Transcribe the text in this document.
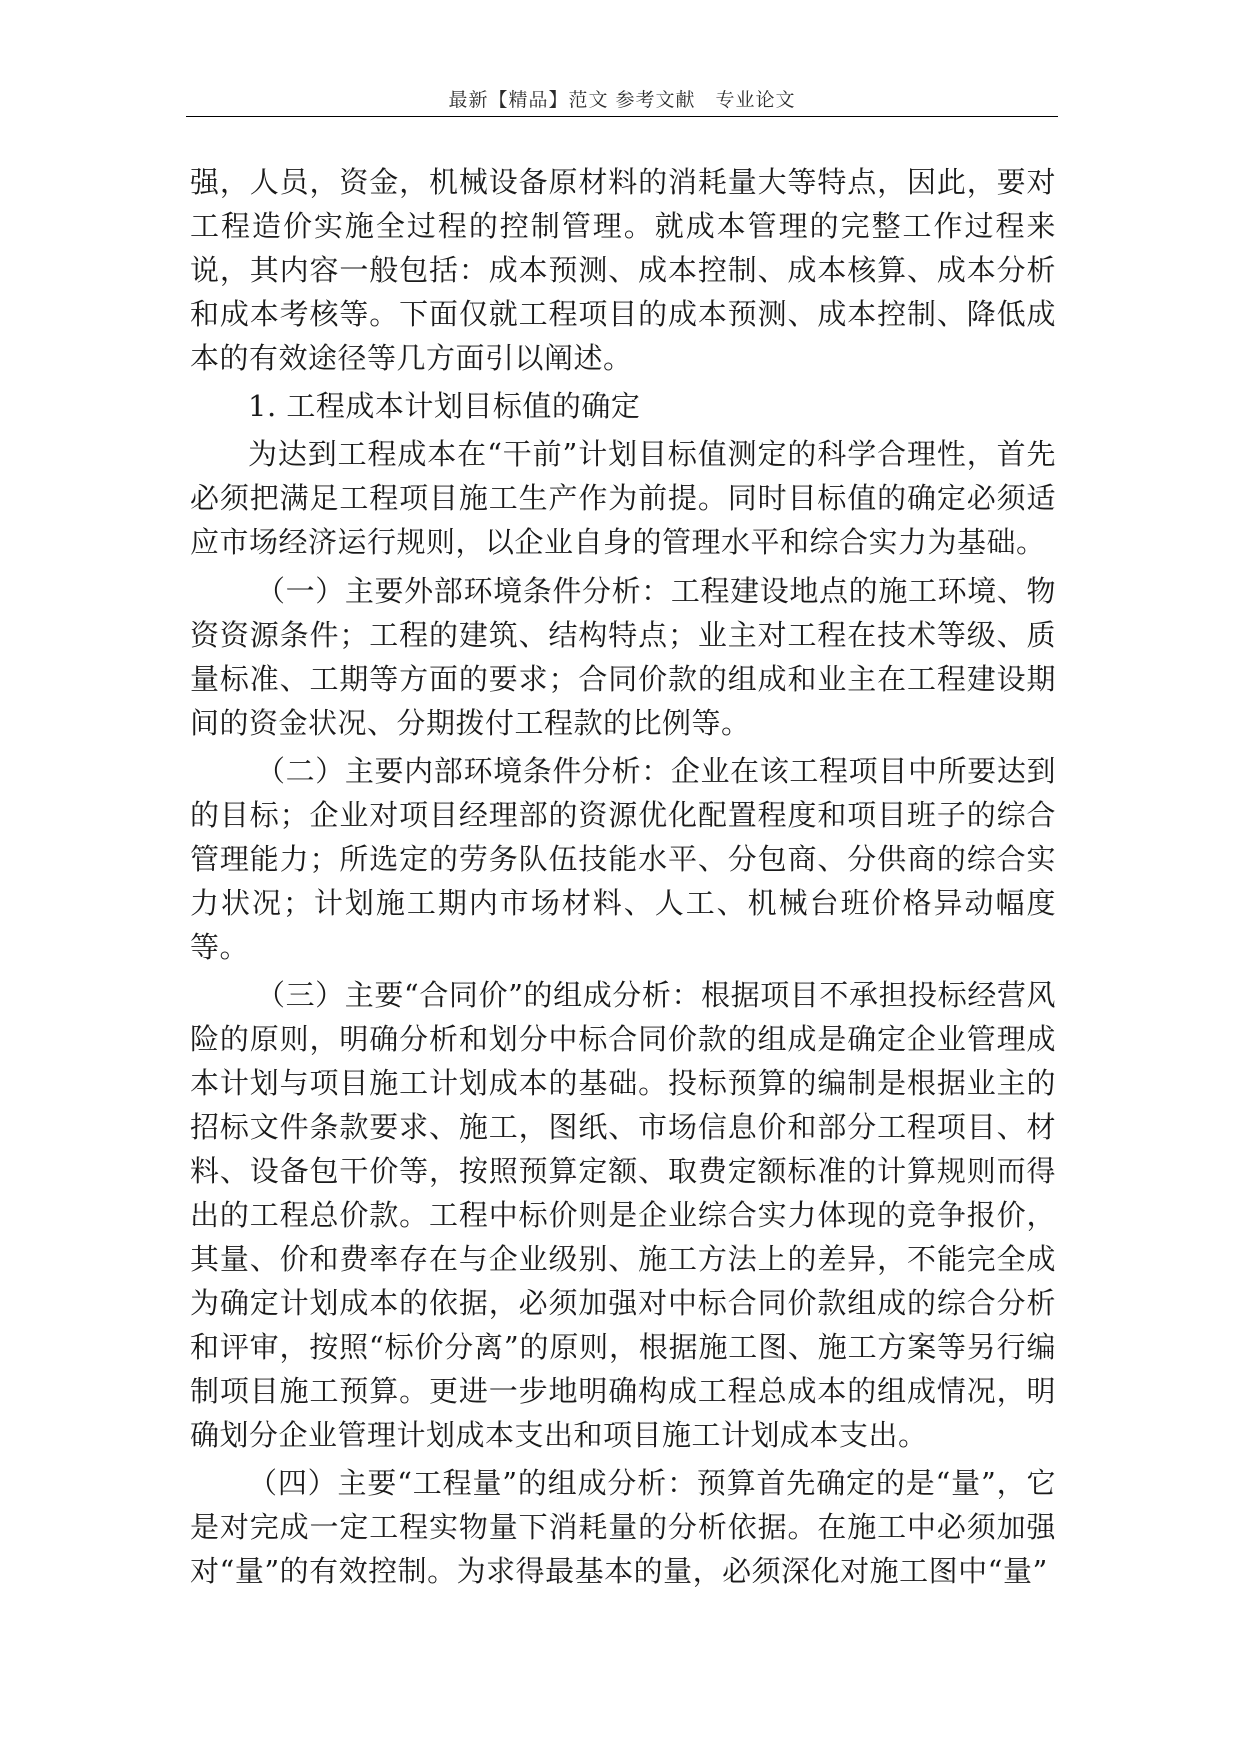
最新【精品】范文 参考文献　专业论文

强，人员，资金，机械设备原材料的消耗量大等特点，因此，要对工程造价实施全过程的控制管理。就成本管理的完整工作过程来说，其内容一般包括：成本预测、成本控制、成本核算、成本分析和成本考核等。下面仅就工程项目的成本预测、成本控制、降低成本的有效途径等几方面引以阐述。

1. 工程成本计划目标值的确定

为达到工程成本在“干前”计划目标值测定的科学合理性，首先必须把满足工程项目施工生产作为前提。同时目标值的确定必须适应市场经济运行规则，以企业自身的管理水平和综合实力为基础。

（一）主要外部环境条件分析：工程建设地点的施工环境、物资资源条件；工程的建筑、结构特点；业主对工程在技术等级、质量标准、工期等方面的要求；合同价款的组成和业主在工程建设期间的资金状况、分期拨付工程款的比例等。

（二）主要内部环境条件分析：企业在该工程项目中所要达到的目标；企业对项目经理部的资源优化配置程度和项目班子的综合管理能力；所选定的劳务队伍技能水平、分包商、分供商的综合实力状况；计划施工期内市场材料、人工、机械台班价格异动幅度等。

（三）主要“合同价”的组成分析：根据项目不承担投标经营风险的原则，明确分析和划分中标合同价款的组成是确定企业管理成本计划与项目施工计划成本的基础。投标预算的编制是根据业主的招标文件条款要求、施工，图纸、市场信息价和部分工程项目、材料、设备包干价等，按照预算定额、取费定额标准的计算规则而得出的工程总价款。工程中标价则是企业综合实力体现的竞争报价，其量、价和费率存在与企业级别、施工方法上的差异，不能完全成为确定计划成本的依据，必须加强对中标合同价款组成的综合分析和评审，按照“标价分离”的原则，根据施工图、施工方案等另行编制项目施工预算。更进一步地明确构成工程总成本的组成情况，明确划分企业管理计划成本支出和项目施工计划成本支出。

（四）主要“工程量”的组成分析：预算首先确定的是“量”，它是对完成一定工程实物量下消耗量的分析依据。在施工中必须加强对“量”的有效控制。为求得最基本的量，必须深化对施工图中“量”
